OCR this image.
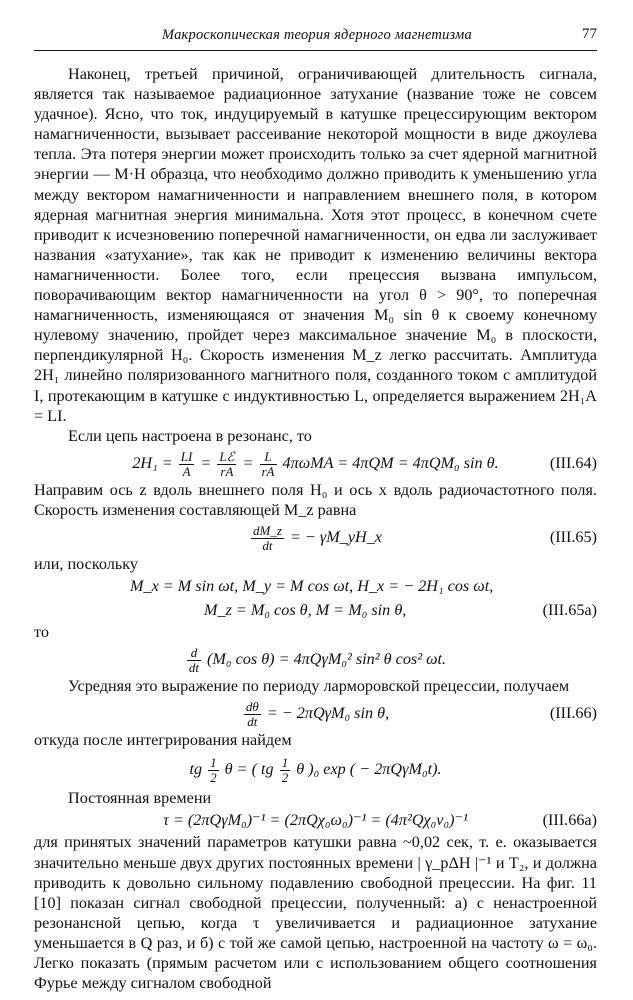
Макроскопическая теория ядерного магнетизма	77

Наконец, третьей причиной, ограничивающей длительность сигнала, является так называемое радиационное затухание (название тоже не совсем удачное). Ясно, что ток, индуцируемый в катушке прецессирующим вектором намагниченности, вызывает рассеивание некоторой мощности в виде джоулева тепла. Эта потеря энергии может происходить только за счет ядерной магнитной энергии — M·H образца, что необходимо должно приводить к уменьшению угла между вектором намагниченности и направлением внешнего поля, в котором ядерная магнитная энергия минимальна. Хотя этот процесс, в конечном счете приводит к исчезновению поперечной намагниченности, он едва ли заслуживает названия «затухание», так как не приводит к изменению величины вектора намагниченности. Более того, если прецессия вызвана импульсом, поворачивающим вектор намагниченности на угол θ > 90°, то поперечная намагниченность, изменяющаяся от значения M₀ sin θ к своему конечному нулевому значению, пройдет через максимальное значение M₀ в плоскости, перпендикулярной H₀. Скорость изменения M_z легко рассчитать. Амплитуда 2H₁ линейно поляризованного магнитного поля, созданного током с амплитудой I, протекающим в катушке с индуктивностью L, определяется выражением 2H₁A = LI.

Если цепь настроена в резонанс, то

$2H_1 = \frac{LI}{A} = \frac{\text{Lℰ}}{rA} = \frac{L}{rA} 4\pi\omega MA = 4\pi QM = 4\pi QM_0$ sin θ.	(III.64)

Направим ось z вдоль внешнего поля H₀ и ось x вдоль радиочастотного поля. Скорость изменения составляющей M_z равна

$\frac{dM\_z}{dt}$ = − γM_yH_x	(III.65)

или, поскольку

M_x = M sin ωt, M_y = M cos ωt, H_x = − 2H₁ cos ωt,
M_z = M₀ cos θ, M = M₀ sin θ,	(III.65a)

то

$\frac{d}{dt} (M_0$ cos θ) = 4πQγM₀² sin² θ cos² ωt.

Усредняя это выражение по периоду ларморовской прецессии, получаем

$\frac{d\theta}{dt}$ = − 2πQγM₀ sin θ,	(III.66)

откуда после интегрирования найдем

tg $\frac{1}{2}$ θ = ( tg $\frac{1}{2}$ θ )₀ exp ( − 2πQγM₀t).

Постоянная времени

τ = (2πQγM₀)⁻¹ = (2πQχ₀ω₀)⁻¹ = (4π²Qχ₀ν₀)⁻¹	(III.66a)

для принятых значений параметров катушки равна ~0,02 сек, т. е. оказывается значительно меньше двух других постоянных времени | γ_pΔH |⁻¹ и T₂, и должна приводить к довольно сильному подавлению свободной прецессии. На фиг. 11 [10] показан сигнал свободной прецессии, полученный: а) с ненастроенной резонансной цепью, когда τ увеличивается и радиационное затухание уменьшается в Q раз, и б) с той же самой цепью, настроенной на частоту ω = ω₀. Легко показать (прямым расчетом или с использованием общего соотношения Фурье между сигналом свободной
